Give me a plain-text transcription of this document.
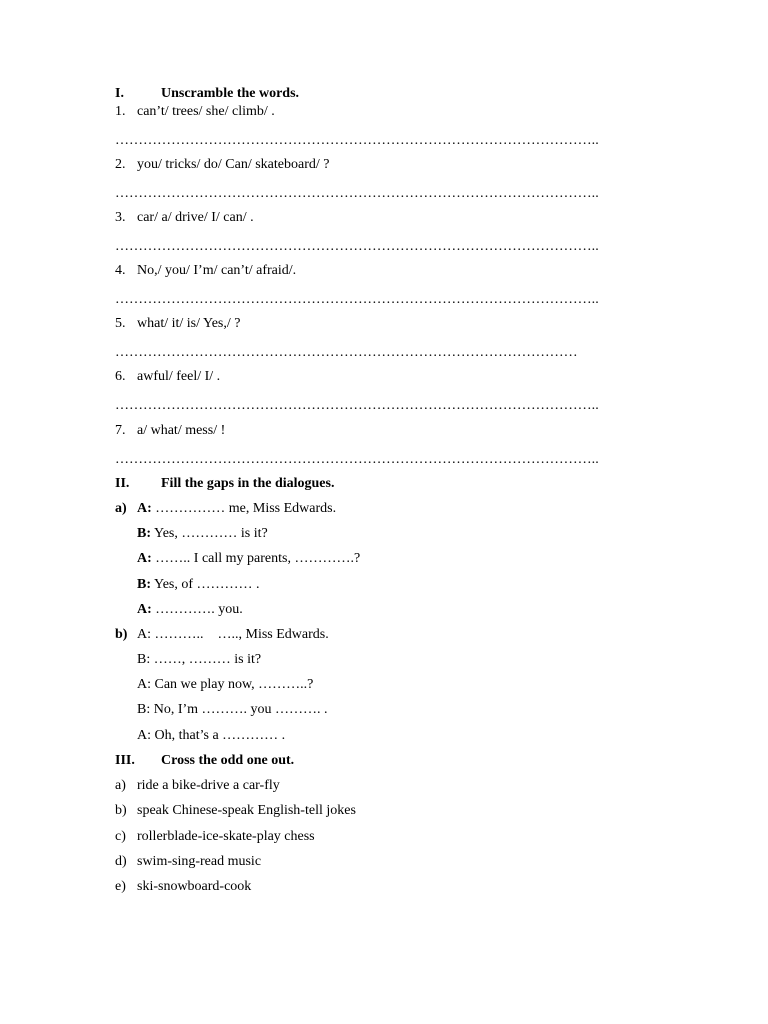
I.	Unscramble the words.
1. can’t/ trees/ she/ climb/ .
…………………………………………………………………………………………..
2. you/ tricks/ do/ Can/ skateboard/ ?
…………………………………………………………………………………………..
3. car/ a/ drive/ I/ can/ .
…………………………………………………………………………………………..
4. No,/ you/ I’m/ can’t/ afraid/.
…………………………………………………………………………………………..
5. what/ it/ is/ Yes,/ ?
………………………………………………………………………………………
6. awful/ feel/ I/ .
…………………………………………………………………………………………..
7. a/ what/ mess/ !
…………………………………………………………………………………………..
II. Fill the gaps in the dialogues.
a) A: …………… me, Miss Edwards.
B: Yes, ………… is it?
A: …….. I call my parents, ………….?
B: Yes, of ………… .
A: …………. you.
b) A: ………..    ….., Miss Edwards.
B: ……, ……… is it?
A: Can we play now, ………..?
B: No, I’m ………. you ………. .
A: Oh, that’s a ………… .
III. Cross the odd one out.
a) ride a bike-drive a car-fly
b) speak Chinese-speak English-tell jokes
c) rollerblade-ice-skate-play chess
d) swim-sing-read music
e) ski-snowboard-cook
